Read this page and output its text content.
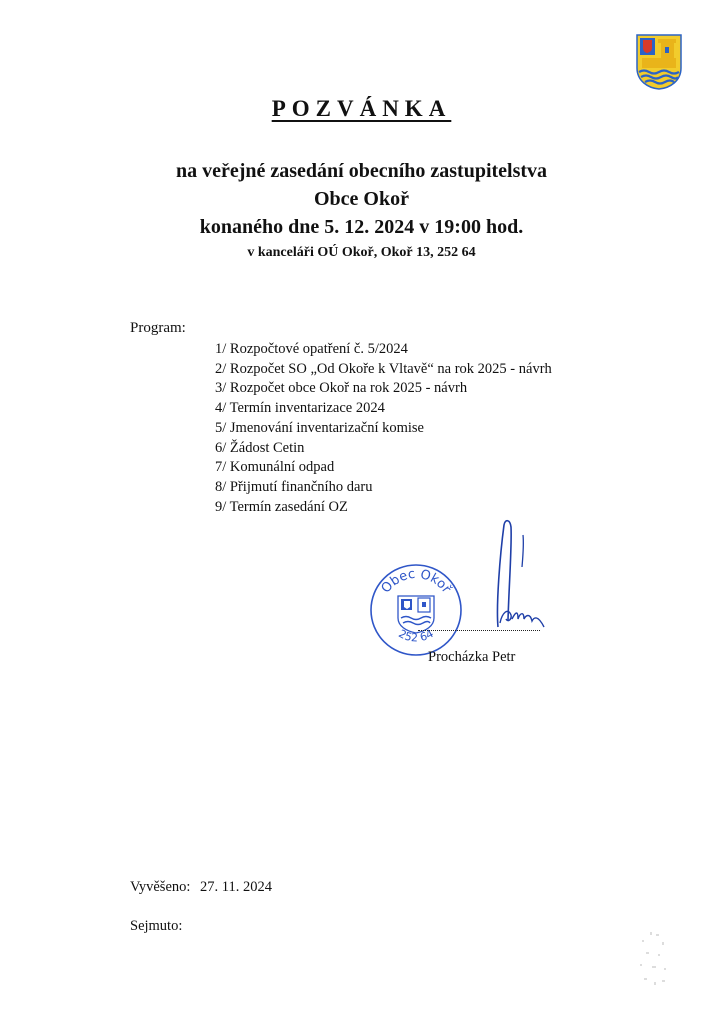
POZVÁNKA
na veřejné zasedání obecního zastupitelstva
Obce Okoř
konaného dne 5. 12. 2024 v 19:00 hod.
v kanceláři OÚ Okoř, Okoř 13, 252 64
Program:
1/ Rozpočtové opatření č. 5/2024
2/ Rozpočet SO „Od Okoře k Vltavě“ na rok 2025 - návrh
3/ Rozpočet obce Okoř na rok 2025 - návrh
4/ Termín inventarizace 2024
5/ Jmenování inventarizační komise
6/ Žádost Cetin
7/ Komunální odpad
8/ Přijmutí finančního daru
9/ Termín zasedání OZ
Obec Okoř
252 64
Procházka Petr
Vyvěšeno: 27. 11. 2024
Sejmuto:
